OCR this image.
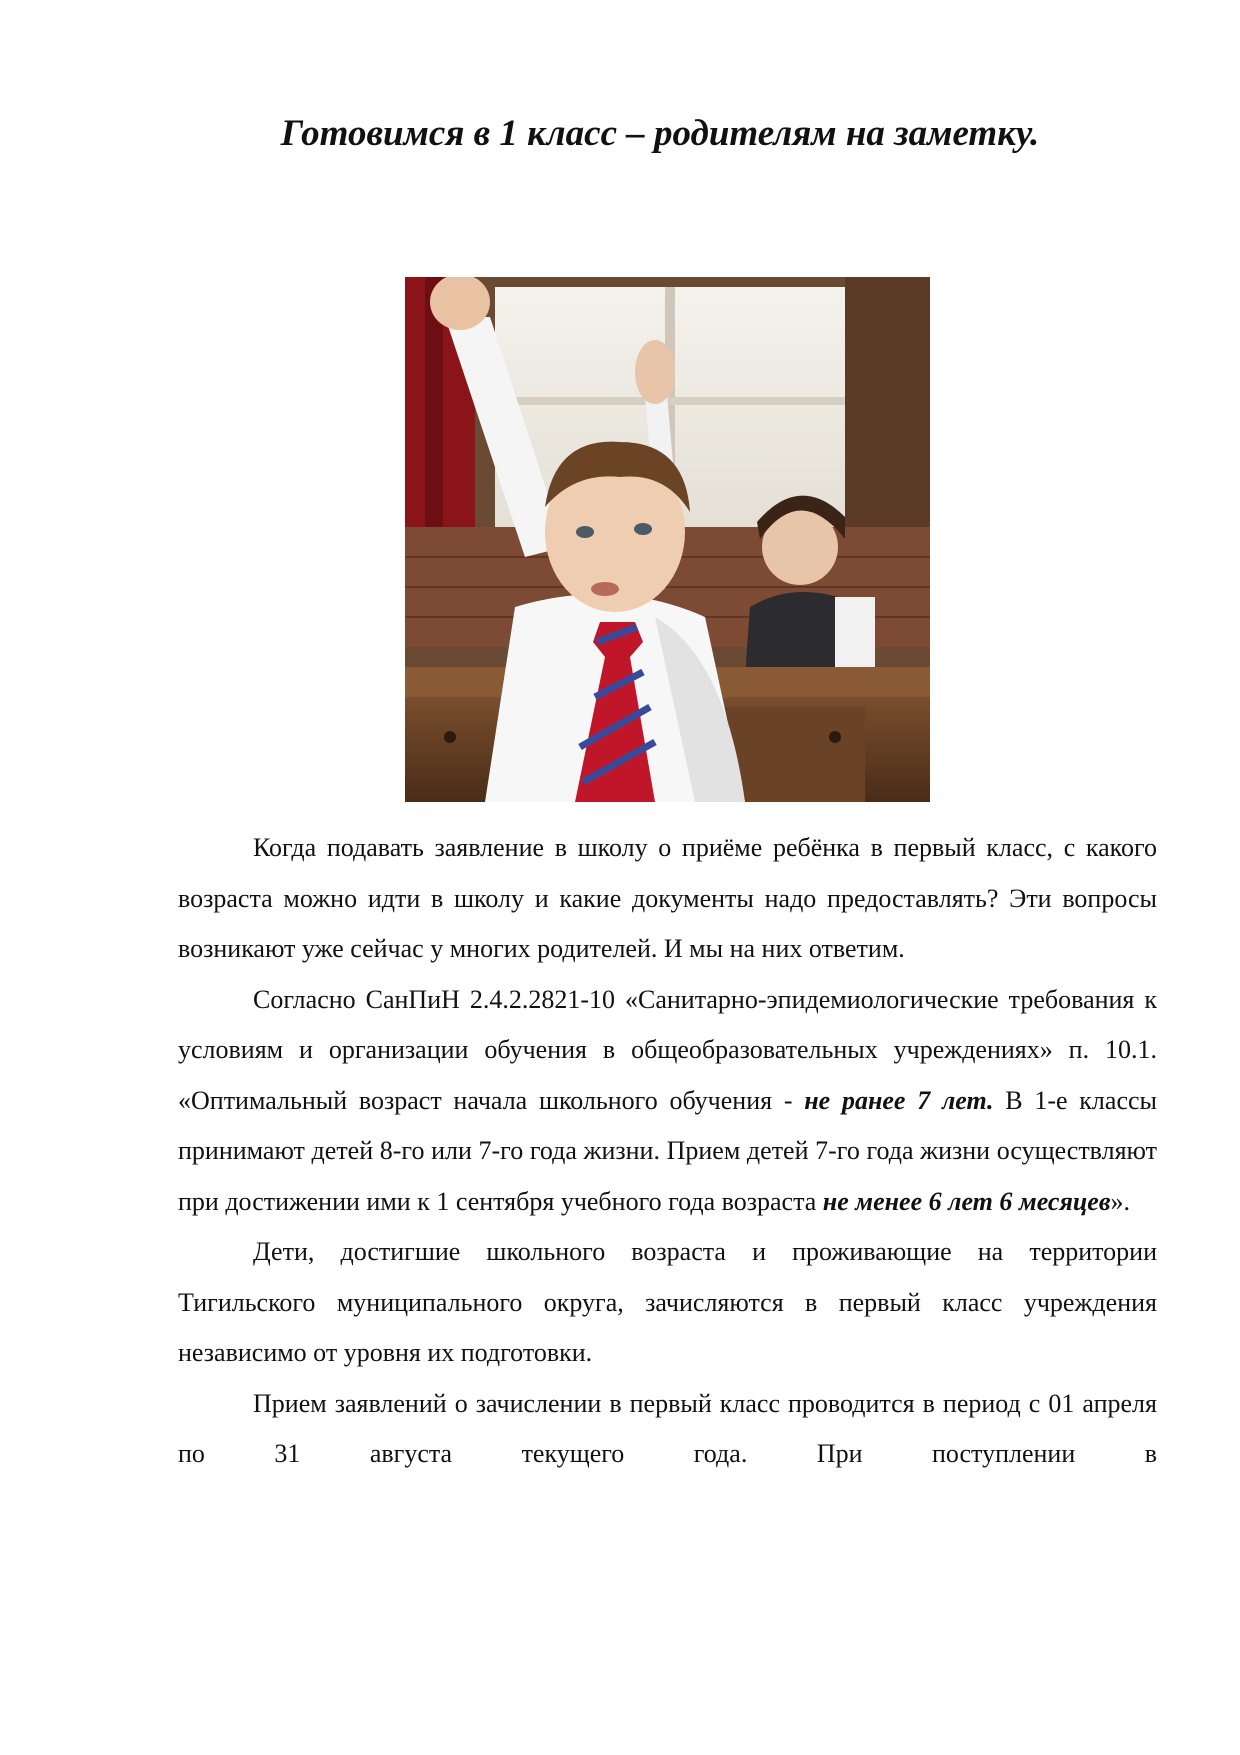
Готовимся в 1 класс – родителям на заметку.

Когда подавать заявление в школу о приёме ребёнка в первый класс, с какого возраста можно идти в школу и какие документы надо предоставлять? Эти вопросы возникают уже сейчас у многих родителей. И мы на них ответим.

Согласно СанПиН 2.4.2.2821-10 «Санитарно-эпидемиологические требования к условиям и организации обучения в общеобразовательных учреждениях» п. 10.1. «Оптимальный возраст начала школьного обучения - не ранее 7 лет. В 1-е классы принимают детей 8-го или 7-го года жизни. Прием детей 7-го года жизни осуществляют при достижении ими к 1 сентября учебного года возраста не менее 6 лет 6 месяцев».

Дети, достигшие школьного возраста и проживающие на территории Тигильского муниципального округа, зачисляются в первый класс учреждения независимо от уровня их подготовки.

Прием заявлений о зачислении в первый класс проводится в период с 01 апреля по 31 августа текущего года. При поступлении в
